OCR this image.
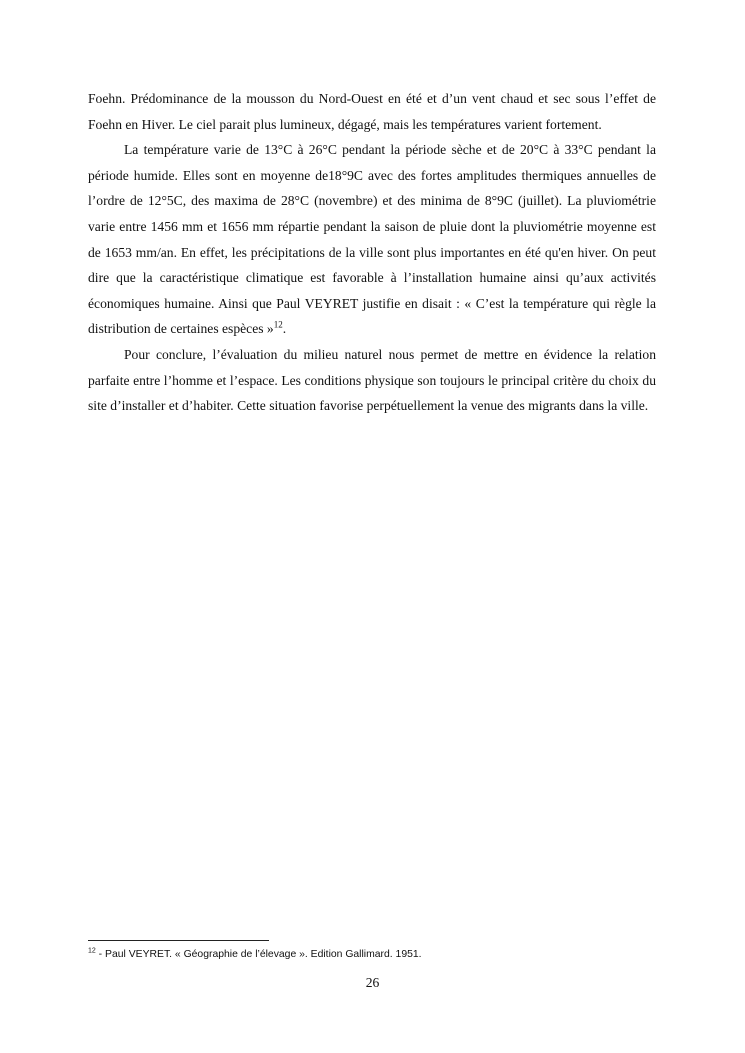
Foehn. Prédominance de la mousson du Nord-Ouest en été et d’un vent chaud et sec sous l’effet de Foehn en Hiver. Le ciel parait plus lumineux, dégagé, mais les températures varient fortement.

La température varie de 13°C à 26°C pendant la période sèche et de 20°C à 33°C pendant la période humide. Elles sont en moyenne de18°9C avec des fortes amplitudes thermiques annuelles de l’ordre de 12°5C, des maxima de 28°C (novembre) et des minima de 8°9C (juillet). La pluviométrie varie entre 1456 mm et 1656 mm répartie pendant la saison de pluie dont la pluviométrie moyenne est de 1653 mm/an. En effet, les précipitations de la ville sont plus importantes en été qu'en hiver. On peut dire que la caractéristique climatique est favorable à l’installation humaine ainsi qu’aux activités économiques humaine. Ainsi que Paul VEYRET justifie en disait : « C’est la température qui règle la distribution de certaines espèces »$^{12}$.

Pour conclure, l’évaluation du milieu naturel nous permet de mettre en évidence la relation parfaite entre l’homme et l’espace. Les conditions physique son toujours le principal critère du choix du site d’installer et d’habiter. Cette situation favorise perpétuellement la venue des migrants dans la ville.

$^{12}$ - Paul VEYRET. « Géographie de l’élevage ». Edition Gallimard. 1951.
26
